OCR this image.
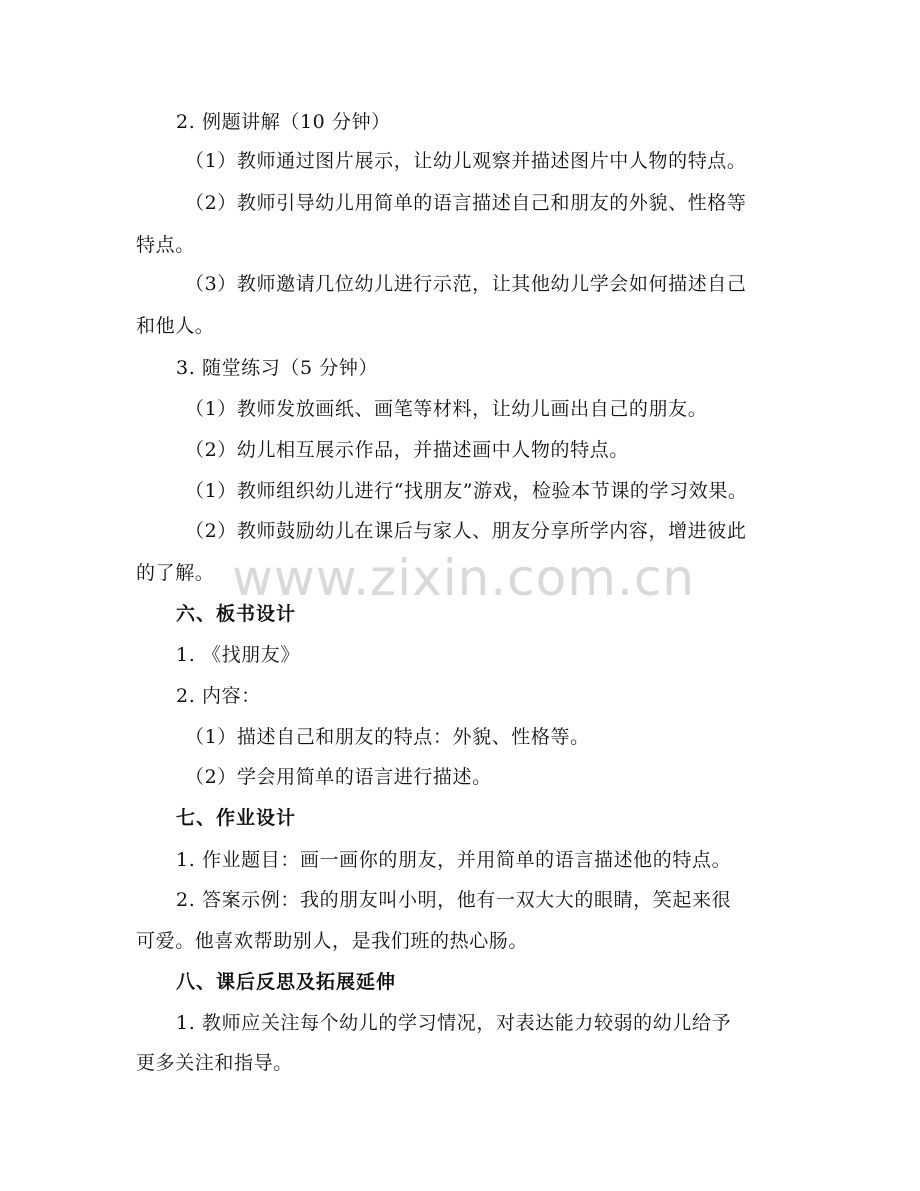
www.zixin.com.cn
2. 例题讲解（10 分钟）
（1）教师通过图片展示，让幼儿观察并描述图片中人物的特点。
（2）教师引导幼儿用简单的语言描述自己和朋友的外貌、性格等
特点。
（3）教师邀请几位幼儿进行示范，让其他幼儿学会如何描述自己
和他人。
3. 随堂练习（5 分钟）
（1）教师发放画纸、画笔等材料，让幼儿画出自己的朋友。
（2）幼儿相互展示作品，并描述画中人物的特点。
（1）教师组织幼儿进行“找朋友”游戏，检验本节课的学习效果。
（2）教师鼓励幼儿在课后与家人、朋友分享所学内容，增进彼此
的了解。
六、板书设计
1. 《找朋友》
2. 内容：
（1）描述自己和朋友的特点：外貌、性格等。
（2）学会用简单的语言进行描述。
七、作业设计
1. 作业题目：画一画你的朋友，并用简单的语言描述他的特点。
2. 答案示例：我的朋友叫小明，他有一双大大的眼睛，笑起来很
可爱。他喜欢帮助别人，是我们班的热心肠。
八、课后反思及拓展延伸
1. 教师应关注每个幼儿的学习情况，对表达能力较弱的幼儿给予
更多关注和指导。
